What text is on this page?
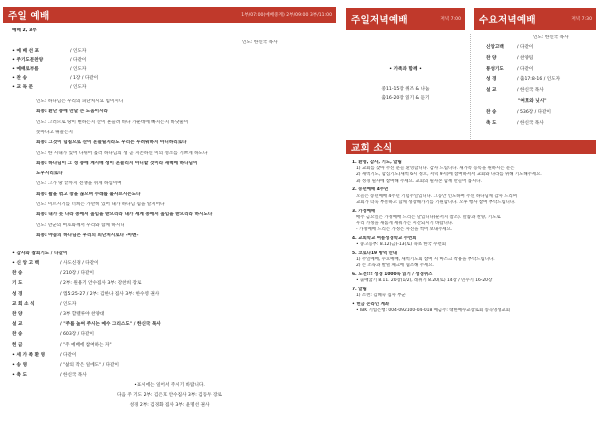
주일 예배	1부/07:00(예배중계) 2부/09:00 3부/11:00
예배 2, 3부
인도: 한신국 목사
• 예 배 선 포	/ 인도자
• 주기도문찬양	/ 다같이
• 예배로부름	/ 인도자
• 찬 송	/ 1장 / 다같이
• 교 독 문	/ 인도자
인도: 하나님은 우리의 피난처시요 힘이시니
회중: 환난 중에 만날 큰 도움이시라
인도: 그러므로 땅이 변하든지 산이 흔들려 바다 가운데에 빠지든지 바닷물이
솟아나고 뛰놀든지
회중: 그것이 넘침으로 산이 흔들릴지라도 우리는 두려워하지 아니하리로다
인도: 한 시내가 있어 나뉘어 흘러 하나님의 성 곧 지존하신 이의 성소를 기쁘게 하도다
회중: 하나님이 그 성 중에 계시매 성이 흔들리지 아니할 것이라 새벽에 하나님이
도우시리로다
인도: 그가 땅 끝까지 전쟁을 쉬게 하심이여
회중: 활을 꺾고 창을 끊으며 수레를 불사르시는도다
인도: 이르시기를 너희는 가만히 있어 내가 하나님 됨을 알지어다
회중: 내가 뭇 나라 중에서 높임을 받으리라 내가 세계 중에서 높임을 받으리라 하시도다
인도: 만군의 여호와께서 우리와 함께 하시니
회중: 야곱의 하나님은 우리의 피난처시로다 -아멘-
• 감사와 참회기도 / 다같이
• 신 앙 고 백	/ 사도신경 / 다같이
찬 송	/ 210장 / 다같이
기 도	/ 2부: 원용기 안수집사 3부: 강찬희 장로
성 경	/ 엡5:25-27 / 2부: 김한나 집사 3부: 한수영 권사
교 회 소 식	/ 인도자
찬 양	/ 3부 할렐루야 찬양대
설 교	/ "주를 높여 주시는 예수 그리스도" / 한신국 목사
찬 송	/ 603장 / 다같이
헌 금	/ "주 예배에 참여하는 자"
• 세 가 족 환 영	/ 다같이
• 송 영	/ "삶의 작은 일에도" / 다같이
• 축 도	/ 한신국 목사
•표시에는 일어서 주시기 바랍니다.
다음 주 기도 2부: 김은호 안수집사 3부: 김동두 장로
성경 2부: 김경화 집사 3부: 윤명선 권사
주일저녁예배	저녁 7:00
• 가족과 함께 •
중11-15장 퀴즈 & 나눔
출16-20장 읽기 & 듣기
수요저녁예배	저녁 7:30
인도: 한신국 목사
신앙고백	/ 다같이
찬 양	/ 찬양팀
통성기도	/ 다같이
성 경	/ 출17:8-16 / 인도자
설 교	/ 한신국 목사
"여호와 닛시"
찬 송	/ 536장 / 다같이
축 도	/ 한신국 목사
교회 소식
1. 환영, 감사, 기도, 알림
1) 교회를 찾아 주신 분들 환영합니다. 감사 드립니다. 새가족 등록을 원하시는 분은
2) 새벽기도, 합심기도(새벽 6시 정오, 저녁 9시)에 참여하셔서 교회와 나라를 위해 기도해주세요.
3) 성경 필사에 참여해 주세요. 교회의 필사본 함께 만들어 봅시다.
2. 송년예배 4주년
오늘은 송년예배 4주년 기념주일입니다. 그동안 인도하여 주신 하나님께 감사 드리며
교회가 더욱 부흥하고 함께 성장해가기를 기원합니다. 오후 행사 참여 부탁드립니다.
3. 가정예배
매주 금요일은 가정예배 드리는 날입니다(순서지 참조). 말씀과 찬양, 기도로
우리 가정을 새롭게 세워가는 시간되시기 바랍니다.
- 가정예배 드리는 가정은 사진을 찍어 보내주세요.
4. 교회학교 여름성경학교 수련회
• 중고등부: 8.12(금)-13(토) 속초 한국 수련회
5. 코로나19 방역 안내
1) 주일예배, 수요예배, 새벽기도회 참여 시 마스크 착용을 부탁드립니다.
2) 손 소독과 발열 체크에 협조해 주세요.
6. 도전!!! 성경 1000독 읽기 / 성경퀴즈
• 출애굽기 8.11. 20장(1/2), 레위기 8.20(토) 14장 / 민수기 16-20장
7. 알림
1) 소천: 김혜숙 집사 부군
• 헌금 온라인 계좌
• IBK 기업은행: 004-092100-04-018 예금주: 대한예수교장로회 송곡영성교회
